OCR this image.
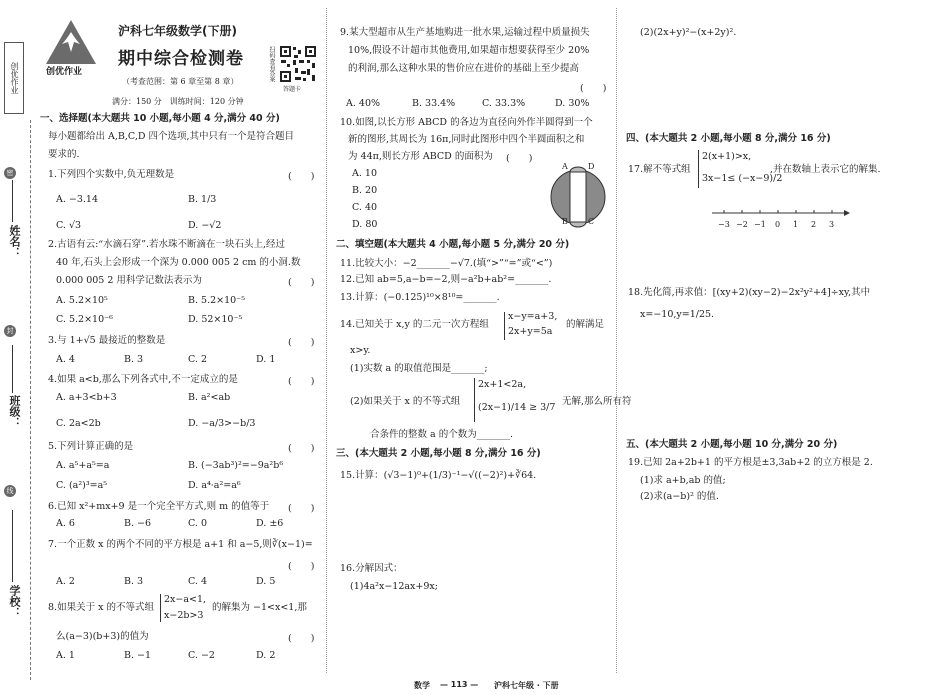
创优作业
密
封
线
姓名：
班级：
学校：
创优作业
沪科七年级数学(下册)
期中综合检测卷	扫码查看答案
答题卡
（考查范围：第 6 章至第 8 章）
满分：150 分　训练时间：120 分钟
一、选择题(本大题共 10 小题,每小题 4 分,满分 40 分)
每小题都给出 A,B,C,D 四个选项,其中只有一个是符合题目
要求的.
1.下列四个实数中,负无理数是	(　　)
A. −3.14	B. 1/3
C. √3	D. −√2
2.古语有云:“水滴石穿”.若水珠不断滴在一块石头上,经过
40 年,石头上会形成一个深为 0.000 005 2 cm 的小洞.数
0.000 005 2 用科学记数法表示为	(　　)
A. 5.2×10⁵	B. 5.2×10⁻⁵
C. 5.2×10⁻⁶	D. 52×10⁻⁵
3.与 1+√5 最接近的整数是	(　　)
A. 4	B. 3	C. 2	D. 1
4.如果 a<b,那么下列各式中,不一定成立的是	(　　)
A. a+3<b+3	B. a²<ab
C. 2a<2b	D. −a/3>−b/3
5.下列计算正确的是	(　　)
A. a⁵+a⁵=a	B. (−3ab³)²=−9a²b⁶
C. (a²)³=a⁵	D. a⁴·a²=a⁶
6.已知 x²+mx+9 是一个完全平方式,则 m 的值等于 (　　)
A. 6	B. −6	C. 0	D. ±6
7.一个正数 x 的两个不同的平方根是 a+1 和 a−5,则∛(x−1)=
(　　)
A. 2	B. 3	C. 4	D. 5
8.如果关于 x 的不等式组
2x−a<1,
x−2b>3
的解集为 −1<x<1,那
么(a−3)(b+3)的值为	(　　)
A. 1	B. −1	C. −2	D. 2
9.某大型超市从生产基地购进一批水果,运输过程中质量损失
10%,假设不计超市其他费用,如果超市想要获得至少 20%
的利润,那么这种水果的售价应在进价的基础上至少提高
(　　)
A. 40%	B. 33.4%	C. 33.3%	D. 30%
10.如图,以长方形 ABCD 的各边为直径向外作半圆得到一个
新的图形,其周长为 16π,同时此图形中四个半圆面积之和
为 44π,则长方形 ABCD 的面积为 (　　)
A. 10
B. 20
C. 40
D. 80
A	D
B	C
二、填空题(本大题共 4 小题,每小题 5 分,满分 20 分)
11.比较大小：−2_______−√7.(填“>”“=”或“<”)
12.已知 ab=5,a−b=−2,则−a²b+ab²=_______.
13.计算：(−0.125)¹⁰×8¹⁰=_______.
14.已知关于 x,y 的二元一次方程组
x−y=a+3,
2x+y=5a
的解满足
x>y.
(1)实数 a 的取值范围是_______;
(2)如果关于 x 的不等式组
2x+1<2a,
(2x−1)/14 ≥ 3/7
无解,那么所有符
合条件的整数 a 的个数为_______.
三、(本大题共 2 小题,每小题 8 分,满分 16 分)
15.计算：(√3−1)⁰+(1/3)⁻¹−√((−2)²)+∛64.
16.分解因式：
(1)4a²x−12ax+9x;
(2)(2x+y)²−(x+2y)².
四、(本大题共 2 小题,每小题 8 分,满分 16 分)
17.解不等式组
2(x+1)>x,
3x−1≤ (−x−9)/2
,并在数轴上表示它的解集.
−3 −2 −1 0 1 2 3
18.先化简,再求值：[(xy+2)(xy−2)−2x²y²+4]÷xy,其中
x=−10,y=1/25.
五、(本大题共 2 小题,每小题 10 分,满分 20 分)
19.已知 2a+2b+1 的平方根是±3,3ab+2 的立方根是 2.
(1)求 a+b,ab 的值;
(2)求(a−b)² 的值.
数学 — 113 — 沪科七年级 · 下册
